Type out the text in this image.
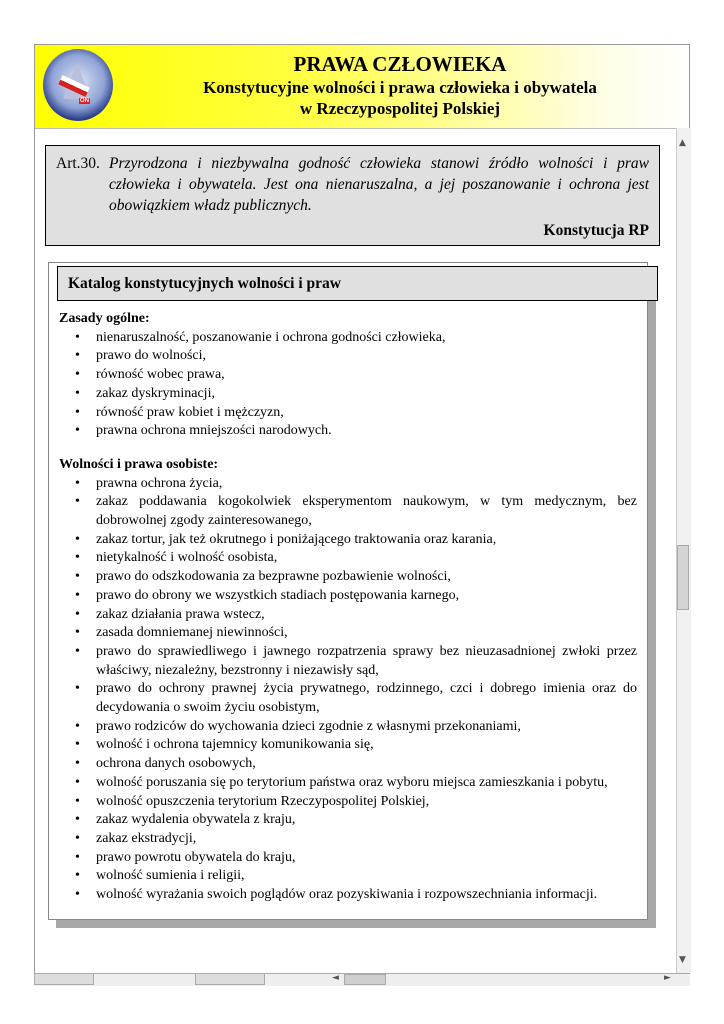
ON
PRAWA CZŁOWIEKA
Konstytucyjne wolności i prawa człowieka i obywatela
w Rzeczypospolitej Polskiej
Art.30. Przyrodzona i niezbywalna godność człowieka stanowi źródło wolności i praw człowieka i obywatela. Jest ona nienaruszalna, a jej poszanowanie i ochrona jest obowiązkiem władz publicznych.
Konstytucja RP
Katalog konstytucyjnych wolności i praw

Zasady ogólne:

• nienaruszalność, poszanowanie i ochrona godności człowieka,
• prawo do wolności,
• równość wobec prawa,
• zakaz dyskryminacji,
• równość praw kobiet i mężczyzn,
• prawna ochrona mniejszości narodowych.

Wolności i prawa osobiste:

• prawna ochrona życia,
• zakaz poddawania kogokolwiek eksperymentom naukowym, w tym medycznym, bez dobrowolnej zgody zainteresowanego,
• zakaz tortur, jak też okrutnego i poniżającego traktowania oraz karania,
• nietykalność i wolność osobista,
• prawo do odszkodowania za bezprawne pozbawienie wolności,
• prawo do obrony we wszystkich stadiach postępowania karnego,
• zakaz działania prawa wstecz,
• zasada domniemanej niewinności,
• prawo do sprawiedliwego i jawnego rozpatrzenia sprawy bez nieuzasadnionej zwłoki przez właściwy, niezależny, bezstronny i niezawisły sąd,
• prawo do ochrony prawnej życia prywatnego, rodzinnego, czci i dobrego imienia oraz do decydowania o swoim życiu osobistym,
• prawo rodziców do wychowania dzieci zgodnie z własnymi przekonaniami,
• wolność i ochrona tajemnicy komunikowania się,
• ochrona danych osobowych,
• wolność poruszania się po terytorium państwa oraz wyboru miejsca zamieszkania i pobytu,
• wolność opuszczenia terytorium Rzeczypospolitej Polskiej,
• zakaz wydalenia obywatela z kraju,
• zakaz ekstradycji,
• prawo powrotu obywatela do kraju,
• wolność sumienia i religii,
• wolność wyrażania swoich poglądów oraz pozyskiwania i rozpowszechniania informacji.
▲
▼
◄	►
